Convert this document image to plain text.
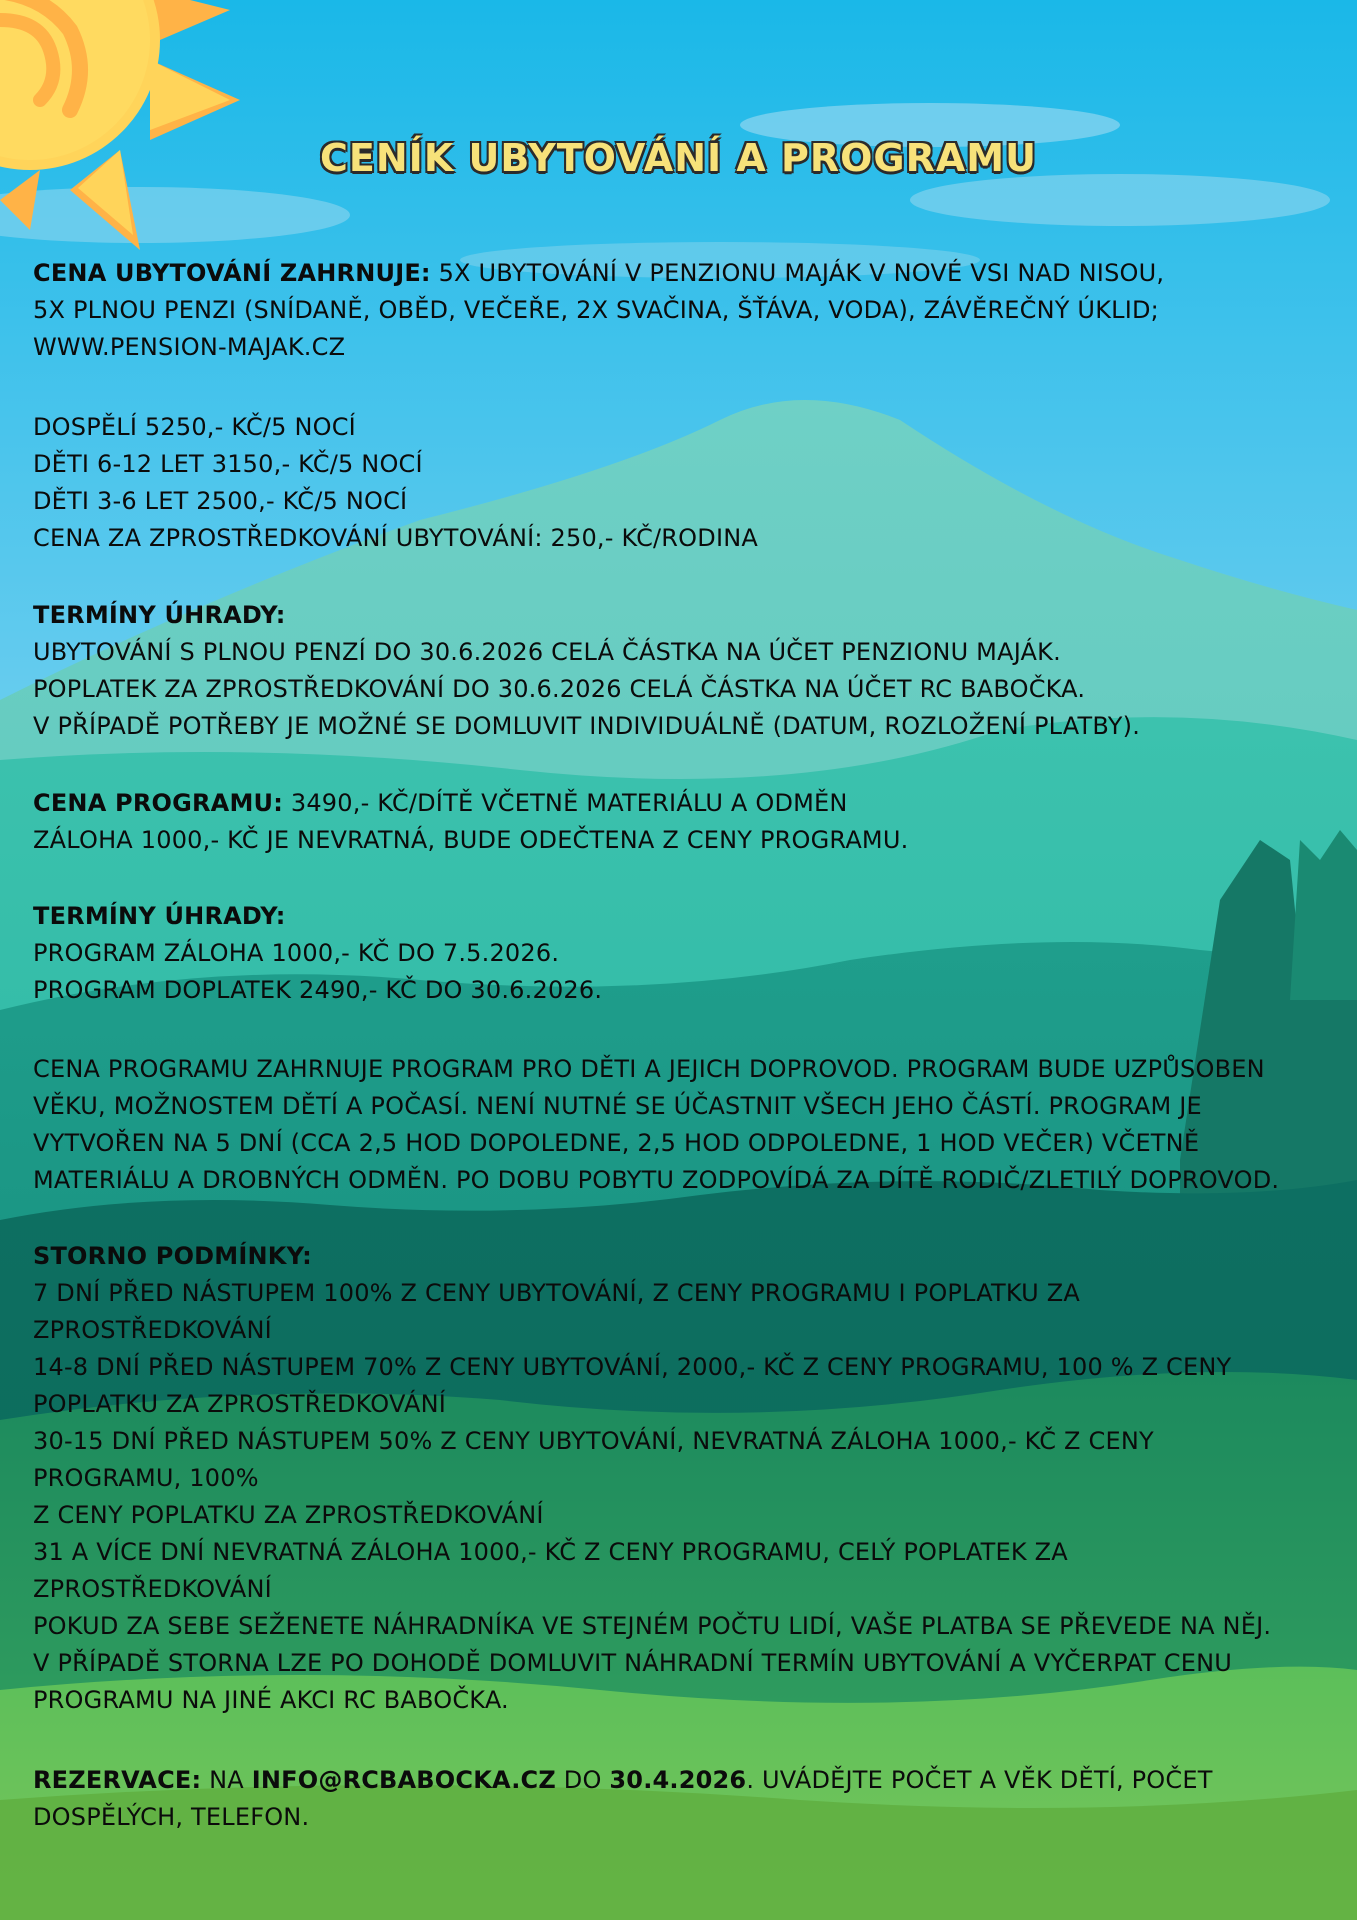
CENÍK UBYTOVÁNÍ A PROGRAMU
CENA UBYTOVÁNÍ ZAHRNUJE: 5X UBYTOVÁNÍ V PENZIONU MAJÁK V NOVÉ VSI NAD NISOU,
5X PLNOU PENZI (SNÍDANĚ, OBĚD, VEČEŘE, 2X SVAČINA, ŠŤÁVA, VODA), ZÁVĚREČNÝ ÚKLID;
WWW.PENSION-MAJAK.CZ
DOSPĚLÍ 5250,- KČ/5 NOCÍ
DĚTI 6-12 LET 3150,- KČ/5 NOCÍ
DĚTI 3-6 LET 2500,- KČ/5 NOCÍ
CENA ZA ZPROSTŘEDKOVÁNÍ UBYTOVÁNÍ: 250,- KČ/RODINA
TERMÍNY ÚHRADY:
UBYTOVÁNÍ S PLNOU PENZÍ DO 30.6.2026 CELÁ ČÁSTKA NA ÚČET PENZIONU MAJÁK.
POPLATEK ZA ZPROSTŘEDKOVÁNÍ DO 30.6.2026 CELÁ ČÁSTKA NA ÚČET RC BABOČKA.
V PŘÍPADĚ POTŘEBY JE MOŽNÉ SE DOMLUVIT INDIVIDUÁLNĚ (DATUM, ROZLOŽENÍ PLATBY).
CENA PROGRAMU: 3490,- KČ/DÍTĚ VČETNĚ MATERIÁLU A ODMĚN
ZÁLOHA 1000,- KČ JE NEVRATNÁ, BUDE ODEČTENA Z CENY PROGRAMU.
TERMÍNY ÚHRADY:
PROGRAM ZÁLOHA 1000,- KČ DO 7.5.2026.
PROGRAM DOPLATEK 2490,- KČ DO 30.6.2026.
CENA PROGRAMU ZAHRNUJE PROGRAM PRO DĚTI A JEJICH DOPROVOD. PROGRAM BUDE UZPŮSOBEN
VĚKU, MOŽNOSTEM DĚTÍ A POČASÍ. NENÍ NUTNÉ SE ÚČASTNIT VŠECH JEHO ČÁSTÍ. PROGRAM JE
VYTVOŘEN NA 5 DNÍ (CCA 2,5 HOD DOPOLEDNE, 2,5 HOD ODPOLEDNE, 1 HOD VEČER) VČETNĚ
MATERIÁLU A DROBNÝCH ODMĚN. PO DOBU POBYTU ZODPOVÍDÁ ZA DÍTĚ RODIČ/ZLETILÝ DOPROVOD.
STORNO PODMÍNKY:
7 DNÍ PŘED NÁSTUPEM 100% Z CENY UBYTOVÁNÍ, Z CENY PROGRAMU I POPLATKU ZA
ZPROSTŘEDKOVÁNÍ
14-8 DNÍ PŘED NÁSTUPEM 70% Z CENY UBYTOVÁNÍ, 2000,- KČ Z CENY PROGRAMU, 100 % Z CENY
POPLATKU ZA ZPROSTŘEDKOVÁNÍ
30-15 DNÍ PŘED NÁSTUPEM 50% Z CENY UBYTOVÁNÍ, NEVRATNÁ ZÁLOHA 1000,- KČ Z CENY
PROGRAMU, 100%
Z CENY POPLATKU ZA ZPROSTŘEDKOVÁNÍ
31 A VÍCE DNÍ NEVRATNÁ ZÁLOHA 1000,- KČ Z CENY PROGRAMU, CELÝ POPLATEK ZA
ZPROSTŘEDKOVÁNÍ
POKUD ZA SEBE SEŽENETE NÁHRADNÍKA VE STEJNÉM POČTU LIDÍ, VAŠE PLATBA SE PŘEVEDE NA NĚJ.
V PŘÍPADĚ STORNA LZE PO DOHODĚ DOMLUVIT NÁHRADNÍ TERMÍN UBYTOVÁNÍ A VYČERPAT CENU
PROGRAMU NA JINÉ AKCI RC BABOČKA.
REZERVACE: NA INFO@RCBABOCKA.CZ DO 30.4.2026. UVÁDĚJTE POČET A VĚK DĚTÍ, POČET
DOSPĚLÝCH, TELEFON.
